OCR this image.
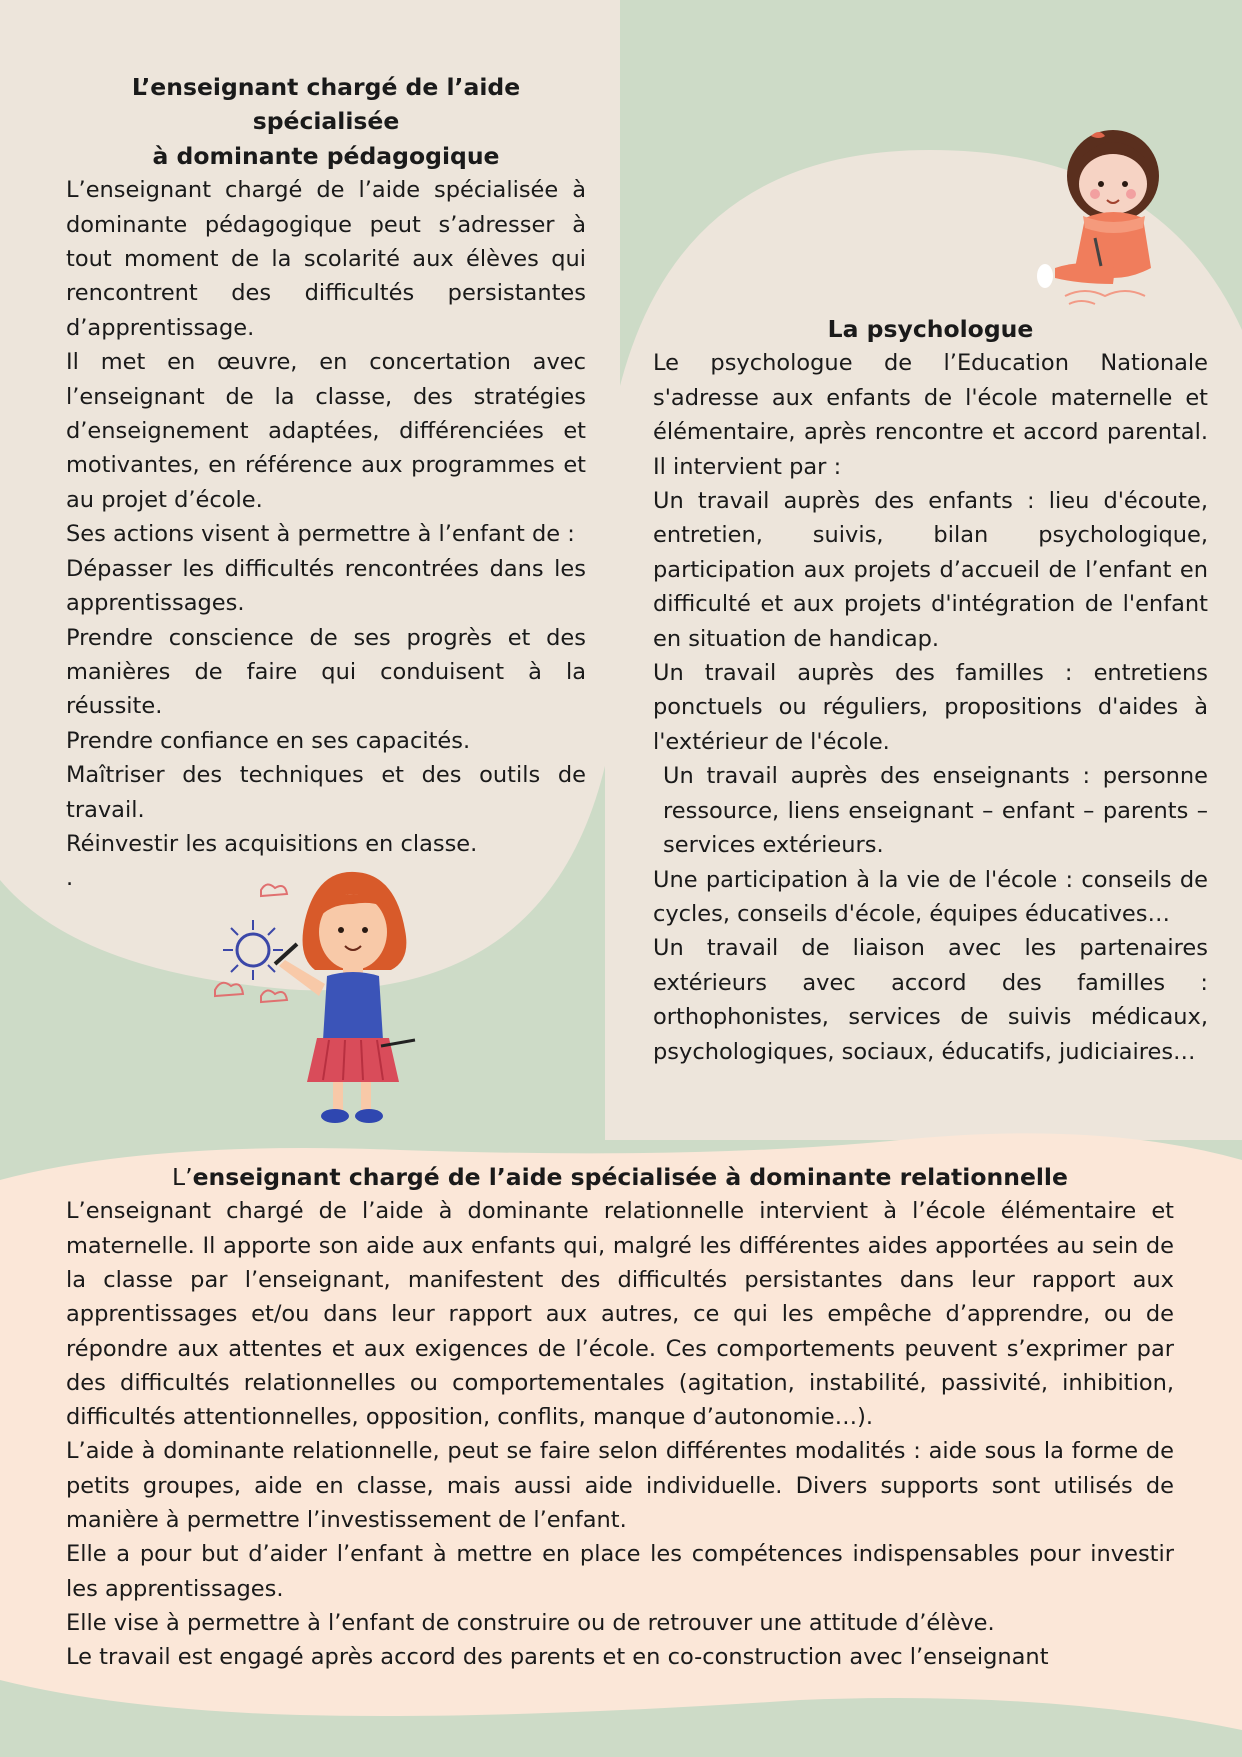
L’enseignant chargé de l’aide spécialisée

à dominante pédagogique

L’enseignant chargé de l’aide spécialisée à dominante pédagogique peut s’adresser à tout moment de la scolarité aux élèves qui rencontrent des difficultés persistantes d’apprentissage.

Il met en œuvre, en concertation avec l’enseignant de la classe, des stratégies d’enseignement adaptées, différenciées et motivantes, en référence aux programmes et au projet d’école.

Ses actions visent à permettre à l’enfant de :

Dépasser les difficultés rencontrées dans les apprentissages.

Prendre conscience de ses progrès et des manières de faire qui conduisent à la réussite.

Prendre confiance en ses capacités.

Maîtriser des techniques et des outils de travail.

Réinvestir les acquisitions en classe.

.

La psychologue

Le psychologue de l’Education Nationale s'adresse aux enfants de l'école maternelle et élémentaire, après rencontre et accord parental. Il intervient par :

Un travail auprès des enfants : lieu d'écoute, entretien, suivis, bilan psychologique, participation aux projets d’accueil de l’enfant en difficulté et aux projets d'intégration de l'enfant en situation de handicap.

Un travail auprès des familles : entretiens ponctuels ou réguliers, propositions d'aides à l'extérieur de l'école.

Un travail auprès des enseignants : personne ressource, liens enseignant – enfant – parents – services extérieurs.

Une participation à la vie de l'école : conseils de cycles, conseils d'école, équipes éducatives…

Un travail de liaison avec les partenaires extérieurs avec accord des familles : orthophonistes, services de suivis médicaux, psychologiques, sociaux, éducatifs, judiciaires…

L’enseignant chargé de l’aide spécialisée à dominante relationnelle

L’enseignant chargé de l’aide à dominante relationnelle intervient à l’école élémentaire et maternelle. Il apporte son aide aux enfants qui, malgré les différentes aides apportées au sein de la classe par l’enseignant, manifestent des difficultés persistantes dans leur rapport aux apprentissages et/ou dans leur rapport aux autres, ce qui les empêche d’apprendre, ou de répondre aux attentes et aux exigences de l’école. Ces comportements peuvent s’exprimer par des difficultés relationnelles ou comportementales (agitation, instabilité, passivité, inhibition, difficultés attentionnelles, opposition, conflits, manque d’autonomie…).

L’aide à dominante relationnelle, peut se faire selon différentes modalités : aide sous la forme de petits groupes, aide en classe, mais aussi aide individuelle. Divers supports sont utilisés de manière à permettre l’investissement de l’enfant.

Elle a pour but d’aider l’enfant à mettre en place les compétences indispensables pour investir les apprentissages.

Elle vise à permettre à l’enfant de construire ou de retrouver une attitude d’élève.

Le travail est engagé après accord des parents et en co-construction avec l’enseignant
